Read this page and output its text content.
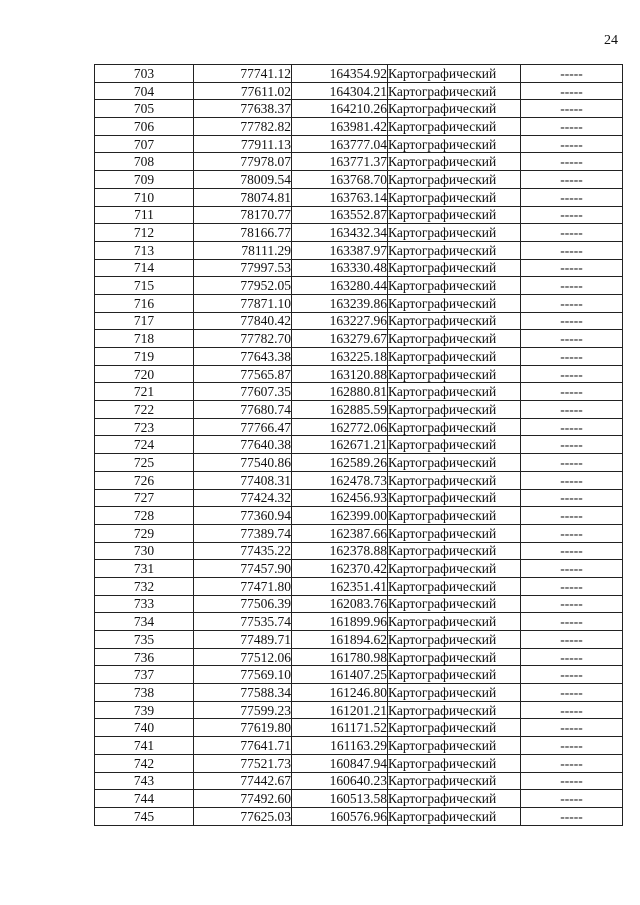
24
703	77741.12	164354.92	Картографический	-----
704	77611.02	164304.21	Картографический	-----
705	77638.37	164210.26	Картографический	-----
706	77782.82	163981.42	Картографический	-----
707	77911.13	163777.04	Картографический	-----
708	77978.07	163771.37	Картографический	-----
709	78009.54	163768.70	Картографический	-----
710	78074.81	163763.14	Картографический	-----
711	78170.77	163552.87	Картографический	-----
712	78166.77	163432.34	Картографический	-----
713	78111.29	163387.97	Картографический	-----
714	77997.53	163330.48	Картографический	-----
715	77952.05	163280.44	Картографический	-----
716	77871.10	163239.86	Картографический	-----
717	77840.42	163227.96	Картографический	-----
718	77782.70	163279.67	Картографический	-----
719	77643.38	163225.18	Картографический	-----
720	77565.87	163120.88	Картографический	-----
721	77607.35	162880.81	Картографический	-----
722	77680.74	162885.59	Картографический	-----
723	77766.47	162772.06	Картографический	-----
724	77640.38	162671.21	Картографический	-----
725	77540.86	162589.26	Картографический	-----
726	77408.31	162478.73	Картографический	-----
727	77424.32	162456.93	Картографический	-----
728	77360.94	162399.00	Картографический	-----
729	77389.74	162387.66	Картографический	-----
730	77435.22	162378.88	Картографический	-----
731	77457.90	162370.42	Картографический	-----
732	77471.80	162351.41	Картографический	-----
733	77506.39	162083.76	Картографический	-----
734	77535.74	161899.96	Картографический	-----
735	77489.71	161894.62	Картографический	-----
736	77512.06	161780.98	Картографический	-----
737	77569.10	161407.25	Картографический	-----
738	77588.34	161246.80	Картографический	-----
739	77599.23	161201.21	Картографический	-----
740	77619.80	161171.52	Картографический	-----
741	77641.71	161163.29	Картографический	-----
742	77521.73	160847.94	Картографический	-----
743	77442.67	160640.23	Картографический	-----
744	77492.60	160513.58	Картографический	-----
745	77625.03	160576.96	Картографический	-----
